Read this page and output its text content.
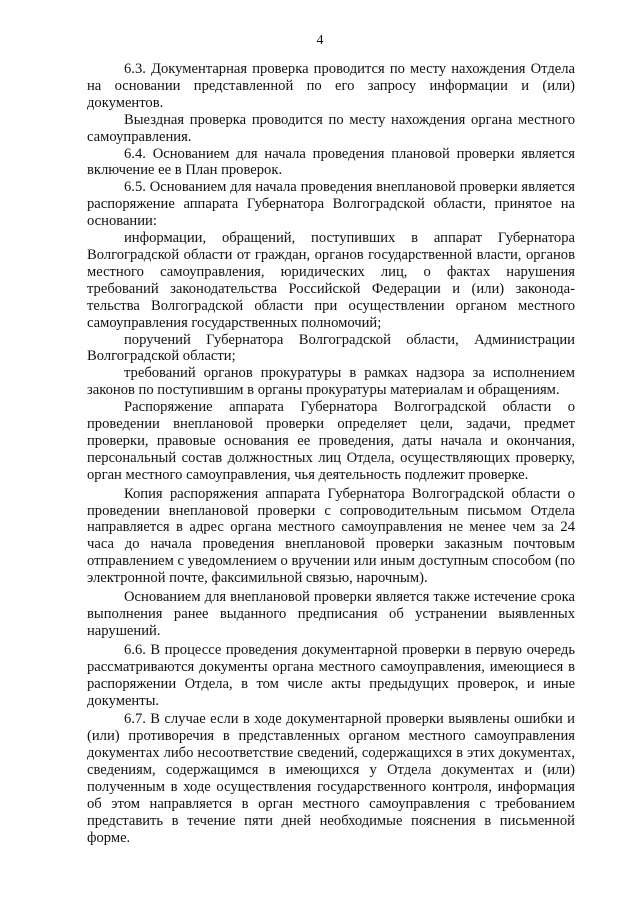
4

6.3. Документарная проверка проводится по месту нахождения Отдела на основании представленной по его запросу информации и (или) документов.

Выездная проверка проводится по месту нахождения органа местного самоуправления.

6.4. Основанием для начала проведения плановой проверки является включение ее в План проверок.

6.5. Основанием для начала проведения внеплановой проверки является распоряжение аппарата Губернатора Волгоградской области, принятое на основании:

информации, обращений, поступивших в аппарат Губернатора Волгоградской области от граждан, органов государственной власти, органов местного самоуправления, юридических лиц, о фактах нарушения требований законодательства Российской Федерации и (или) законодательства Волгоградской области при осуществлении органом местного самоуправления государственных полномочий;

поручений Губернатора Волгоградской области, Администрации Волгоградской области;

требований органов прокуратуры в рамках надзора за исполнением законов по поступившим в органы прокуратуры материалам и обращениям.

Распоряжение аппарата Губернатора Волгоградской области о проведении внеплановой проверки определяет цели, задачи, предмет проверки, правовые основания ее проведения, даты начала и окончания, персональный состав должностных лиц Отдела, осуществляющих проверку, орган местного самоуправления, чья деятельность подлежит проверке.

Копия распоряжения аппарата Губернатора Волгоградской области о проведении внеплановой проверки с сопроводительным письмом Отдела направляется в адрес органа местного самоуправления не менее чем за 24 часа до начала проведения внеплановой проверки заказным почтовым отправлением с уведомлением о вручении или иным доступным способом (по электронной почте, факсимильной связью, нарочным).

Основанием для внеплановой проверки является также истечение срока выполнения ранее выданного предписания об устранении выявленных нарушений.

6.6. В процессе проведения документарной проверки в первую очередь рассматриваются документы органа местного самоуправления, имеющиеся в распоряжении Отдела, в том числе акты предыдущих проверок, и иные документы.

6.7. В случае если в ходе документарной проверки выявлены ошибки и (или) противоречия в представленных органом местного самоуправления документах либо несоответствие сведений, содержащихся в этих документах, сведениям, содержащимся в имеющихся у Отдела документах и (или) полученным в ходе осуществления государственного контроля, информация об этом направляется в орган местного самоуправления с требованием представить в течение пяти дней необходимые пояснения в письменной форме.
